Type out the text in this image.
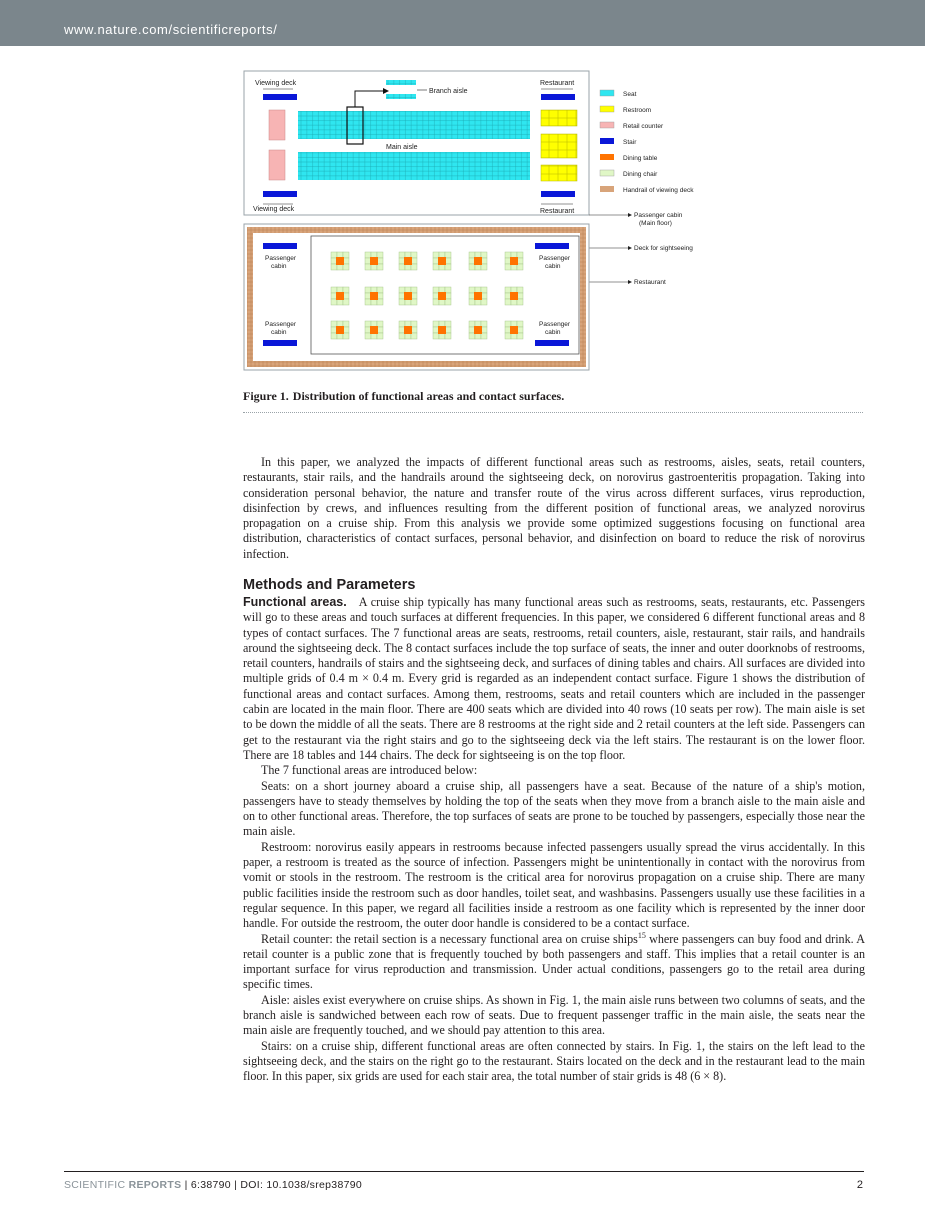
www.nature.com/scientificreports/
Viewing deck	Restaurant
Viewing deck	Restaurant
Main aisle
Branch aisle	Seat
Restroom
Retail counter
Stair
Dining table
Dining chair
Handrail of viewing deck
Passenger cabin
(Main floor)
Deck for sightseeing
Restaurant
Passenger
cabin
Passenger
cabin
Passenger
cabin
Passenger
cabin
Figure 1. Distribution of functional areas and contact surfaces.

In this paper, we analyzed the impacts of different functional areas such as restrooms, aisles, seats, retail counters, restaurants, stair rails, and the handrails around the sightseeing deck, on norovirus gastroenteritis propagation. Taking into consideration personal behavior, the nature and transfer route of the virus across different surfaces, virus reproduction, disinfection by crews, and influences resulting from the different position of functional areas, we analyzed norovirus propagation on a cruise ship. From this analysis we provide some optimized suggestions focusing on functional area distribution, characteristics of contact surfaces, personal behavior, and disinfection on board to reduce the risk of norovirus infection.

Methods and Parameters

Functional areas. A cruise ship typically has many functional areas such as restrooms, seats, restaurants, etc. Passengers will go to these areas and touch surfaces at different frequencies. In this paper, we considered 6 different functional areas and 8 types of contact surfaces. The 7 functional areas are seats, restrooms, retail counters, aisle, restaurant, stair rails, and handrails around the sightseeing deck. The 8 contact surfaces include the top surface of seats, the inner and outer doorknobs of restrooms, retail counters, handrails of stairs and the sightseeing deck, and surfaces of dining tables and chairs. All surfaces are divided into multiple grids of 0.4 m × 0.4 m. Every grid is regarded as an independent contact surface. Figure 1 shows the distribution of functional areas and contact surfaces. Among them, restrooms, seats and retail counters which are included in the passenger cabin are located in the main floor. There are 400 seats which are divided into 40 rows (10 seats per row). The main aisle is set to be down the middle of all the seats. There are 8 restrooms at the right side and 2 retail counters at the left side. Passengers can get to the restaurant via the right stairs and go to the sightseeing deck via the left stairs. The restaurant is on the lower floor. There are 18 tables and 144 chairs. The deck for sightseeing is on the top floor.

The 7 functional areas are introduced below:

Seats: on a short journey aboard a cruise ship, all passengers have a seat. Because of the nature of a ship's motion, passengers have to steady themselves by holding the top of the seats when they move from a branch aisle to the main aisle and on to other functional areas. Therefore, the top surfaces of seats are prone to be touched by passengers, especially those near the main aisle.

Restroom: norovirus easily appears in restrooms because infected passengers usually spread the virus accidentally. In this paper, a restroom is treated as the source of infection. Passengers might be unintentionally in contact with the norovirus from vomit or stools in the restroom. The restroom is the critical area for norovirus propagation on a cruise ship. There are many public facilities inside the restroom such as door handles, toilet seat, and washbasins. Passengers usually use these facilities in a regular sequence. In this paper, we regard all facilities inside a restroom as one facility which is represented by the inner door handle. For outside the restroom, the outer door handle is considered to be a contact surface.

Retail counter: the retail section is a necessary functional area on cruise ships$^{15}$ where passengers can buy food and drink. A retail counter is a public zone that is frequently touched by both passengers and staff. This implies that a retail counter is an important surface for virus reproduction and transmission. Under actual conditions, passengers go to the retail area during specific times.

Aisle: aisles exist everywhere on cruise ships. As shown in Fig. 1, the main aisle runs between two columns of seats, and the branch aisle is sandwiched between each row of seats. Due to frequent passenger traffic in the main aisle, the seats near the main aisle are frequently touched, and we should pay attention to this area.

Stairs: on a cruise ship, different functional areas are often connected by stairs. In Fig. 1, the stairs on the left lead to the sightseeing deck, and the stairs on the right go to the restaurant. Stairs located on the deck and in the restaurant lead to the main floor. In this paper, six grids are used for each stair area, the total number of stair grids is 48 (6 × 8).

SCIENTIFIC REPORTS | 6:38790 | DOI: 10.1038/srep38790	2
